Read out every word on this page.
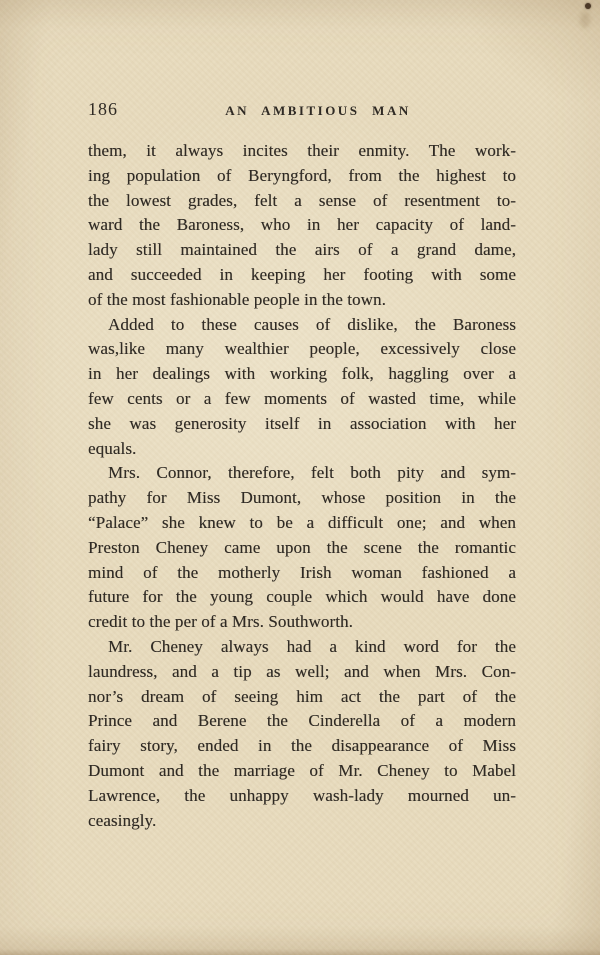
186	AN AMBITIOUS MAN
them, it always incites their enmity. The work-
ing population of Beryngford, from the highest to
the lowest grades, felt a sense of resentment to-
ward the Baroness, who in her capacity of land-
lady still maintained the airs of a grand dame,
and succeeded in keeping her footing with some
of the most fashionable people in the town.
Added to these causes of dislike, the Baroness
was,like many wealthier people, excessively close
in her dealings with working folk, haggling over a
few cents or a few moments of wasted time, while
she was generosity itself in association with her
equals.
Mrs. Connor, therefore, felt both pity and sym-
pathy for Miss Dumont, whose position in the
“Palace” she knew to be a difficult one; and when
Preston Cheney came upon the scene the romantic
mind of the motherly Irish woman fashioned a
future for the young couple which would have done
credit to the per of a Mrs. Southworth.
Mr. Cheney always had a kind word for the
laundress, and a tip as well; and when Mrs. Con-
nor’s dream of seeing him act the part of the
Prince and Berene the Cinderella of a modern
fairy story, ended in the disappearance of Miss
Dumont and the marriage of Mr. Cheney to Mabel
Lawrence, the unhappy wash-lady mourned un-
ceasingly.
